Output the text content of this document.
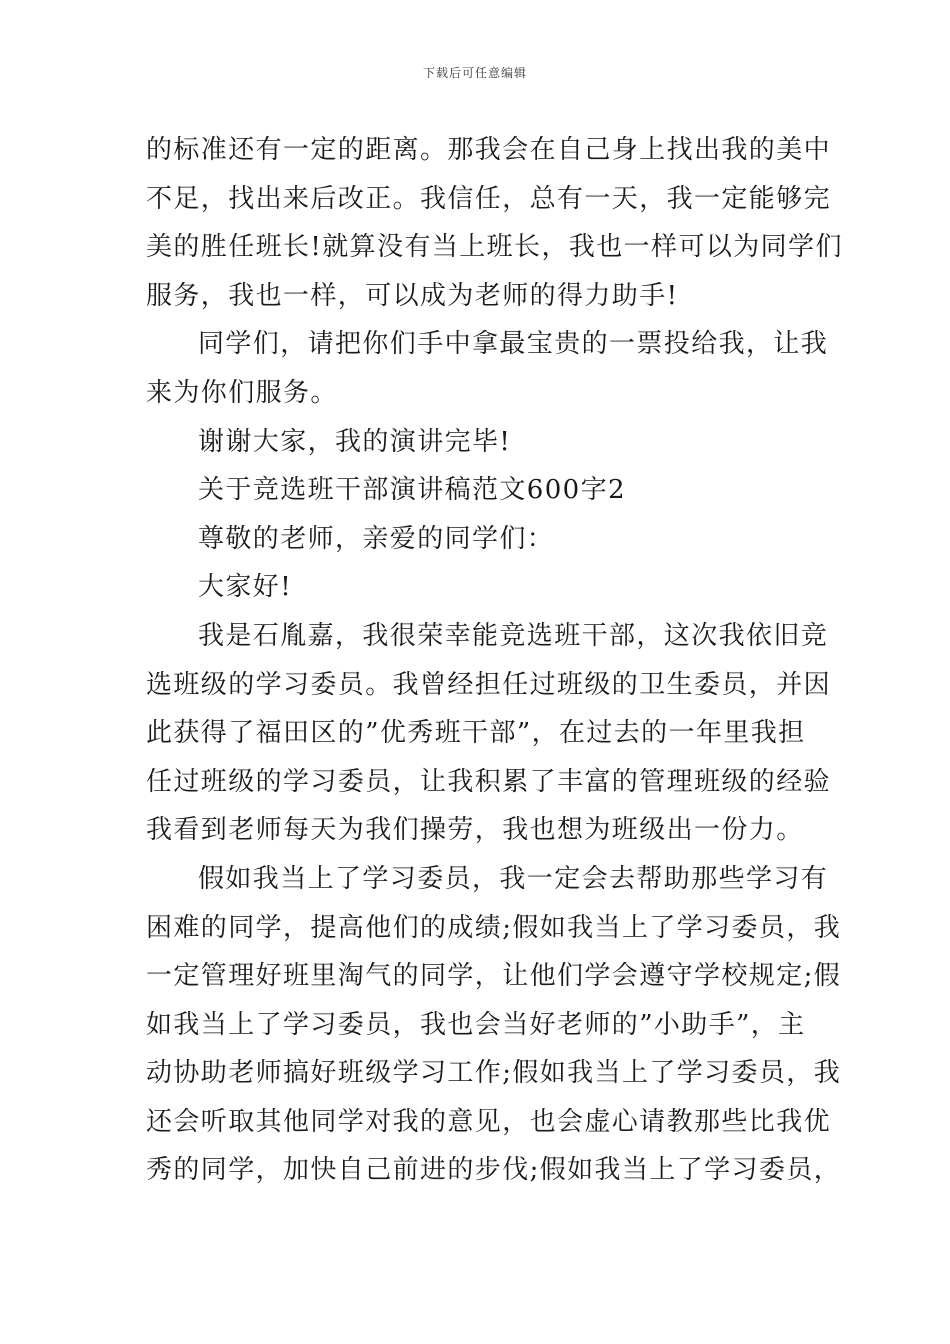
下载后可任意编辑

的标准还有一定的距离。那我会在自己身上找出我的美中
不足，找出来后改正。我信任，总有一天，我一定能够完
美的胜任班长!就算没有当上班长，我也一样可以为同学们
服务，我也一样，可以成为老师的得力助手!

同学们，请把你们手中拿最宝贵的一票投给我，让我
来为你们服务。

谢谢大家，我的演讲完毕!

关于竞选班干部演讲稿范文600字2

尊敬的老师，亲爱的同学们：

大家好!

我是石胤嘉，我很荣幸能竞选班干部，这次我依旧竞
选班级的学习委员。我曾经担任过班级的卫生委员，并因
此获得了福田区的”优秀班干部”，在过去的一年里我担
任过班级的学习委员，让我积累了丰富的管理班级的经验
我看到老师每天为我们操劳，我也想为班级出一份力。

假如我当上了学习委员，我一定会去帮助那些学习有
困难的同学，提高他们的成绩;假如我当上了学习委员，我
一定管理好班里淘气的同学，让他们学会遵守学校规定;假
如我当上了学习委员，我也会当好老师的”小助手”，主
动协助老师搞好班级学习工作;假如我当上了学习委员，我
还会听取其他同学对我的意见，也会虚心请教那些比我优
秀的同学，加快自己前进的步伐;假如我当上了学习委员，
